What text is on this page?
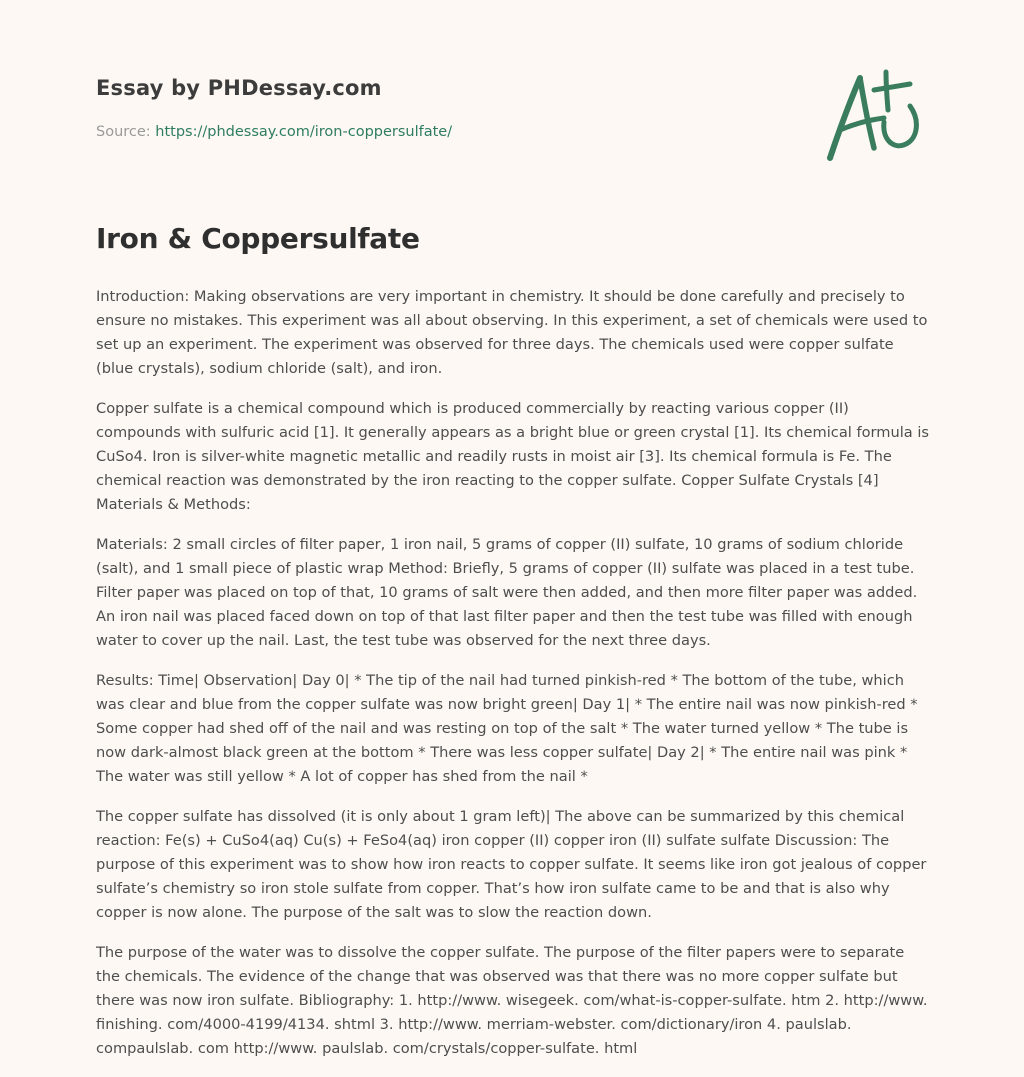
Essay by PHDessay.com
Source: https://phdessay.com/iron-coppersulfate/
Iron & Coppersulfate

Introduction: Making observations are very important in chemistry. It should be done carefully and precisely to ensure no mistakes. This experiment was all about observing. In this experiment, a set of chemicals were used to set up an experiment. The experiment was observed for three days. The chemicals used were copper sulfate (blue crystals), sodium chloride (salt), and iron.

Copper sulfate is a chemical compound which is produced commercially by reacting various copper (II) compounds with sulfuric acid [1]. It generally appears as a bright blue or green crystal [1]. Its chemical formula is CuSo4. Iron is silver-white magnetic metallic and readily rusts in moist air [3]. Its chemical formula is Fe. The chemical reaction was demonstrated by the iron reacting to the copper sulfate. Copper Sulfate Crystals [4] Materials & Methods:

Materials: 2 small circles of filter paper, 1 iron nail, 5 grams of copper (II) sulfate, 10 grams of sodium chloride (salt), and 1 small piece of plastic wrap Method: Briefly, 5 grams of copper (II) sulfate was placed in a test tube. Filter paper was placed on top of that, 10 grams of salt were then added, and then more filter paper was added. An iron nail was placed faced down on top of that last filter paper and then the test tube was filled with enough water to cover up the nail. Last, the test tube was observed for the next three days.

Results: Time| Observation| Day 0| * The tip of the nail had turned pinkish-red * The bottom of the tube, which was clear and blue from the copper sulfate was now bright green| Day 1| * The entire nail was now pinkish-red * Some copper had shed off of the nail and was resting on top of the salt * The water turned yellow * The tube is now dark-almost black green at the bottom * There was less copper sulfate| Day 2| * The entire nail was pink * The water was still yellow * A lot of copper has shed from the nail *

The copper sulfate has dissolved (it is only about 1 gram left)| The above can be summarized by this chemical reaction: Fe(s) + CuSo4(aq) Cu(s) + FeSo4(aq) iron copper (II) copper iron (II) sulfate sulfate Discussion: The purpose of this experiment was to show how iron reacts to copper sulfate. It seems like iron got jealous of copper sulfate’s chemistry so iron stole sulfate from copper. That’s how iron sulfate came to be and that is also why copper is now alone. The purpose of the salt was to slow the reaction down.

The purpose of the water was to dissolve the copper sulfate. The purpose of the filter papers were to separate the chemicals. The evidence of the change that was observed was that there was no more copper sulfate but there was now iron sulfate. Bibliography: 1. http://www. wisegeek. com/what-is-copper-sulfate. htm 2. http://www. finishing. com/4000-4199/4134. shtml 3. http://www. merriam-webster. com/dictionary/iron 4. paulslab. compaulslab. com http://www. paulslab. com/crystals/copper-sulfate. html
